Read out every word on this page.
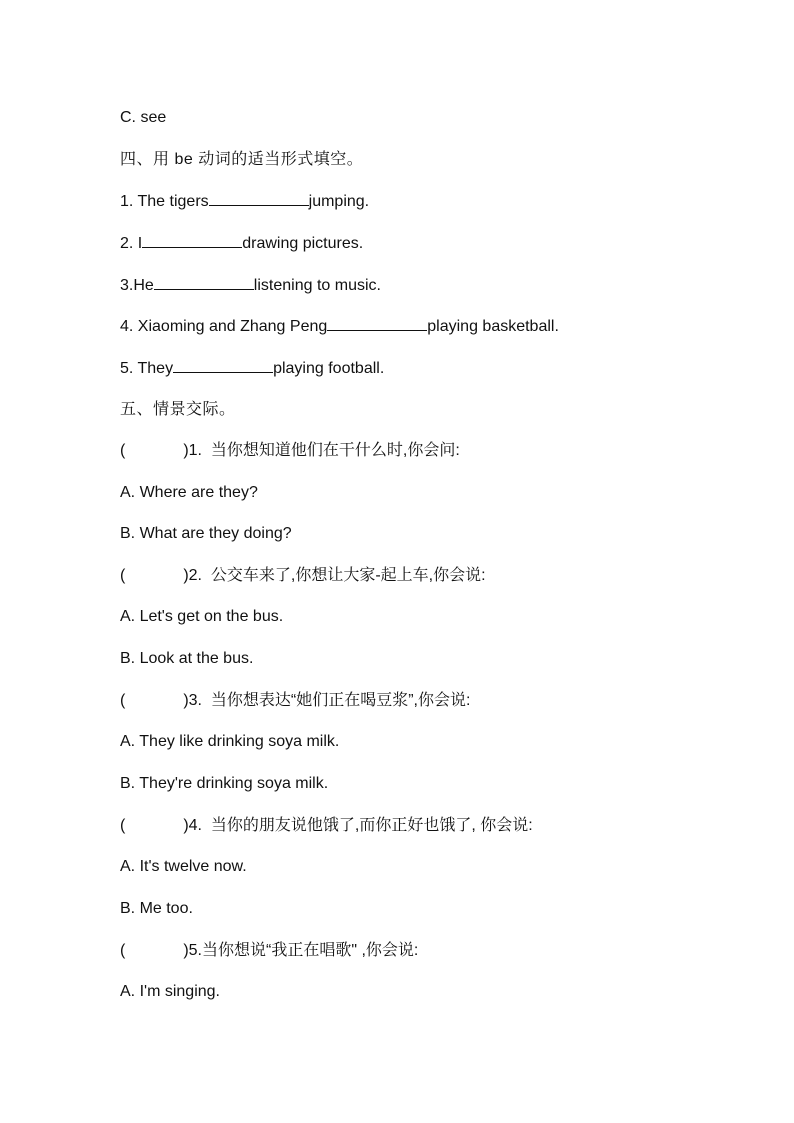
C. see
四、用 be 动词的适当形式填空。
1. The tigers	jumping.
2. I	drawing pictures.
3.He	listening to music.
4. Xiaoming and Zhang Peng	playing basketball.
5. They	playing football.
五、情景交际。
(	)1. 当你想知道他们在干什么时,你会问:
A. Where are they?
B. What are they doing?
(	)2. 公交车来了,你想让大家-起上车,你会说:
A. Let's get on the bus.
B. Look at the bus.
(	)3. 当你想表达“她们正在喝豆浆”,你会说:
A. They like drinking soya milk.
B. They're drinking soya milk.
(	)4. 当你的朋友说他饿了,而你正好也饿了, 你会说:
A. It's twelve now.
B. Me too.
(	)5.当你想说“我正在唱歌" ,你会说:
A. I'm singing.
